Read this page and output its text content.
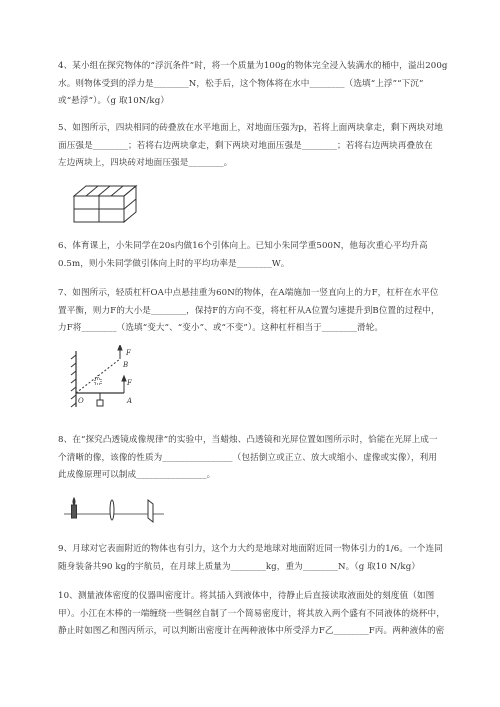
4、某小组在探究物体的“浮沉条件”时，将一个质量为100g的物体完全浸入装满水的桶中，溢出200g
水。则物体受到的浮力是________N，松手后，这个物体将在水中________（选填“上浮”“下沉”
或“悬浮”）。（g 取10N/kg）
5、如图所示，四块相同的砖叠放在水平地面上，对地面压强为p，若将上面两块拿走，剩下两块对地
面压强是________；若将右边两块拿走，剩下两块对地面压强是________；若将右边两块再叠放在
左边两块上，四块砖对地面压强是________。
6、体育课上，小朱同学在20s内做16个引体向上。已知小朱同学重500N，他每次重心平均升高
0.5m，则小朱同学做引体向上时的平均功率是________W。
7、如图所示，轻质杠杆OA中点悬挂重为60N的物体，在A端施加一竖直向上的力F，杠杆在水平位
置平衡，则力F的大小是________，保持F的方向不变，将杠杆从A位置匀速提升到B位置的过程中，
力F将________（选填“变大”、“变小”、或“不变”）。这种杠杆相当于________滑轮。
F
F
B
O	A
8、在“探究凸透镜成像规律”的实验中，当蜡烛、凸透镜和光屏位置如图所示时，恰能在光屏上成一
个清晰的像，该像的性质为________________（包括倒立或正立、放大或缩小、虚像或实像），利用
此成像原理可以制成________________。
9、月球对它表面附近的物体也有引力，这个力大约是地球对地面附近同一物体引力的1/6。一个连同
随身装备共90 kg的宇航员，在月球上质量为________kg，重为________N。（g 取10 N/kg）
10、测量液体密度的仪器叫密度计。将其插入到液体中，待静止后直接读取液面处的刻度值（如图
甲）。小江在木棒的一端缠绕一些铜丝自制了一个简易密度计，将其放入两个盛有不同液体的烧杯中，
静止时如图乙和图丙所示，可以判断出密度计在两种液体中所受浮力F乙________F丙。两种液体的密
